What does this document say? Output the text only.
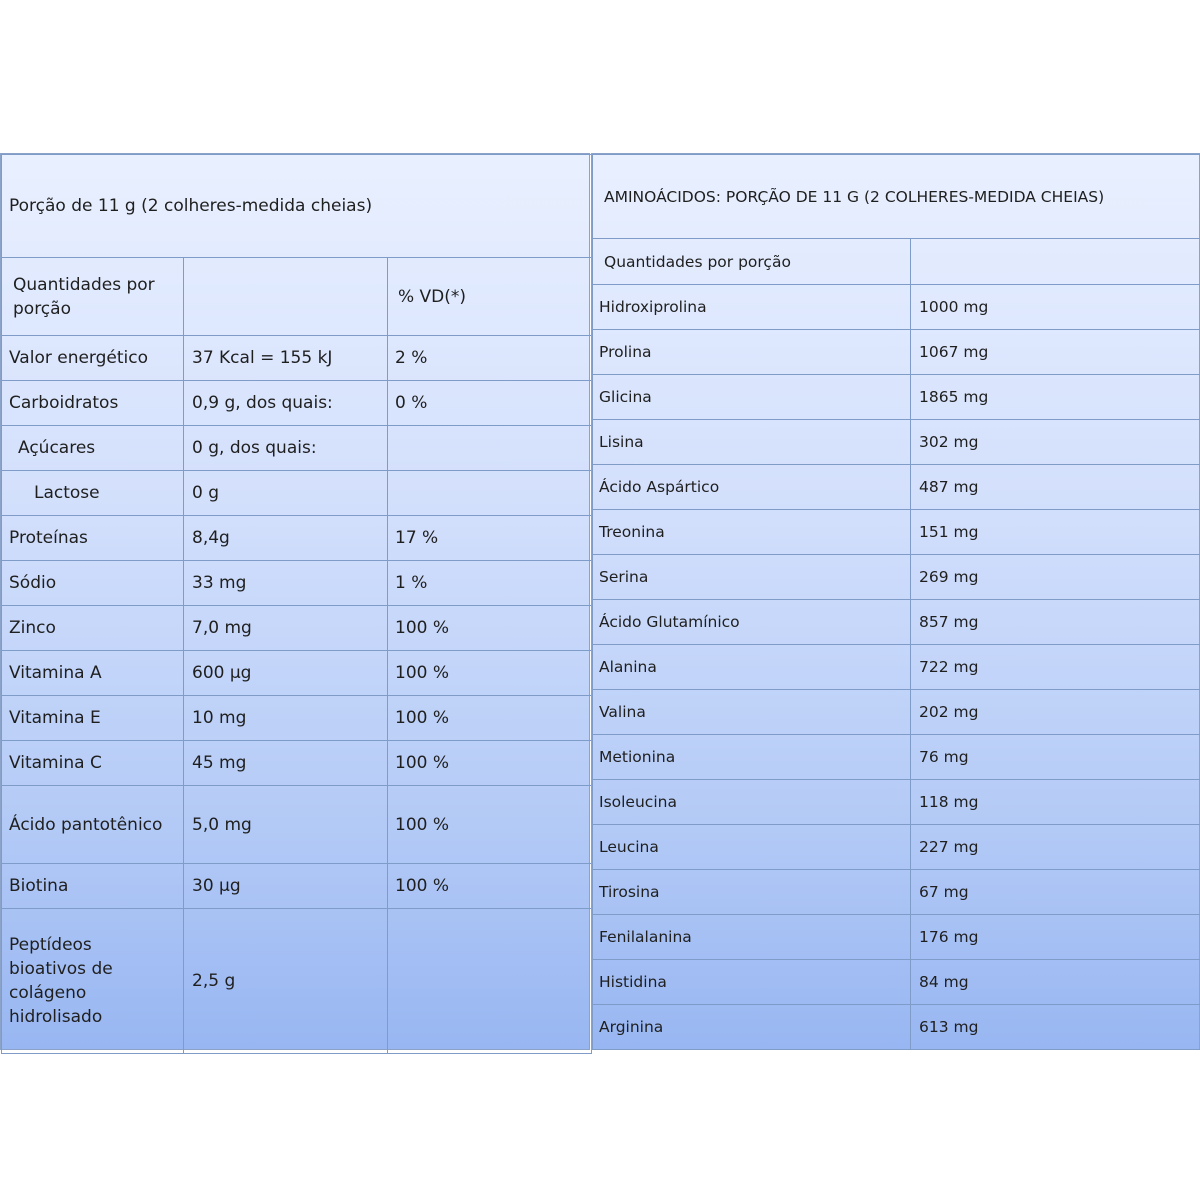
Porção de 11 g (2 colheres-medida cheias)		
Quantidades por porção		% VD(*)
Valor energético	37 Kcal = 155 kJ	2 %
Carboidratos	0,9 g, dos quais:	0 %
Açúcares	0 g, dos quais:	
Lactose	0 g	
Proteínas	8,4g	17 %
Sódio	33 mg	1 %
Zinco	7,0 mg	100 %
Vitamina A	600 µg	100 %
Vitamina E	10 mg	100 %
Vitamina C	45 mg	100 %
Ácido pantotênico	5,0 mg	100 %
Biotina	30 µg	100 %
Peptídeos bioativos de colágeno hidrolisado	2,5 g	
AMINOÁCIDOS: PORÇÃO DE 11 G (2 COLHERES-MEDIDA CHEIAS)	
Quantidades por porção	
Hidroxiprolina	1000 mg
Prolina	1067 mg
Glicina	1865 mg
Lisina	302 mg
Ácido Aspártico	487 mg
Treonina	151 mg
Serina	269 mg
Ácido Glutamínico	857 mg
Alanina	722 mg
Valina	202 mg
Metionina	76 mg
Isoleucina	118 mg
Leucina	227 mg
Tirosina	67 mg
Fenilalanina	176 mg
Histidina	84 mg
Arginina	613 mg
